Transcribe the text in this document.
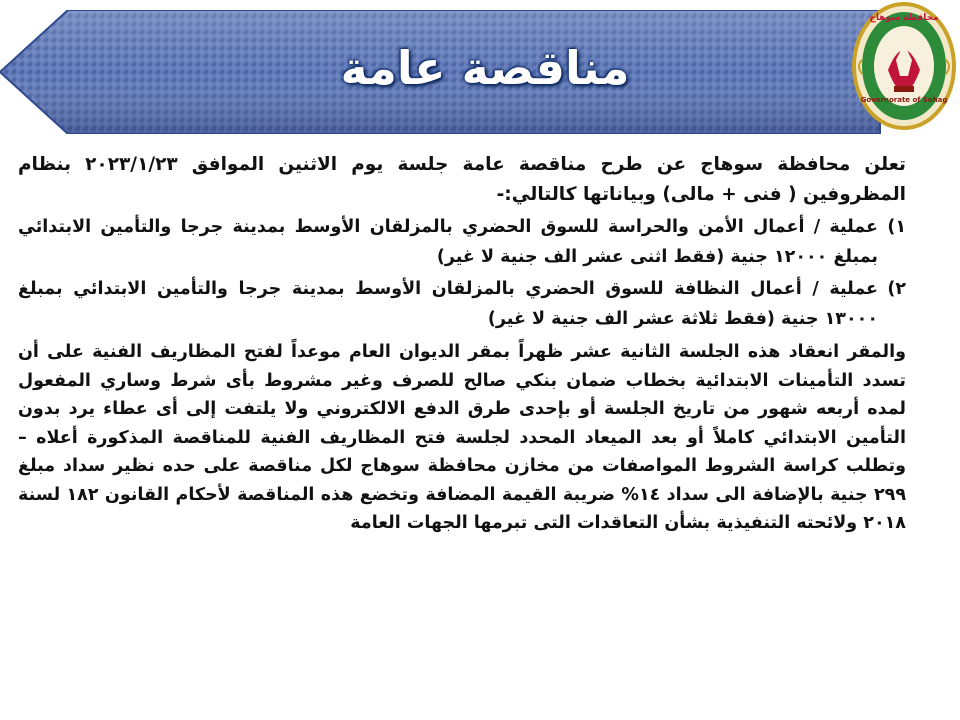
مناقصة عامة
محافظة سوهاج
Governorate of Sohag

تعلن محافظة سوهاج عن طرح مناقصة عامة جلسة يوم الاثنين الموافق ٢٠٢٣/١/٢٣ بنظام المظروفين ( فنى + مالى) وبياناتها كالتالي:-

١)
عملية / أعمال الأمن والحراسة للسوق الحضري بالمزلقان الأوسط بمدينة جرجا والتأمين الابتدائي بمبلغ ١٢٠٠٠ جنية (فقط اثنى عشر الف جنية لا غير)

٢)
عملية / أعمال النظافة للسوق الحضري بالمزلقان الأوسط بمدينة جرجا والتأمين الابتدائي بمبلغ ١٣٠٠٠ جنية (فقط ثلاثة عشر الف جنية لا غير)

والمقر انعقاد هذه الجلسة الثانية عشر ظهراً بمقر الديوان العام موعداً لفتح المظاريف الفنية على أن تسدد التأمينات الابتدائية بخطاب ضمان بنكي صالح للصرف وغير مشروط بأى شرط وساري المفعول لمده أربعه شهور من تاريخ الجلسة أو بإحدى طرق الدفع الالكتروني ولا يلتفت إلى أى عطاء يرد بدون التأمين الابتدائي كاملاً أو بعد الميعاد المحدد لجلسة فتح المظاريف الفنية للمناقصة المذكورة أعلاه – وتطلب كراسة الشروط المواصفات من مخازن محافظة سوهاج لكل مناقصة على حده نظير سداد مبلغ ٢٩٩ جنية بالإضافة الى سداد ١٤% ضريبة القيمة المضافة وتخضع هذه المناقصة لأحكام القانون ١٨٢ لسنة ٢٠١٨ ولائحته التنفيذية بشأن التعاقدات التى تبرمها الجهات العامة
